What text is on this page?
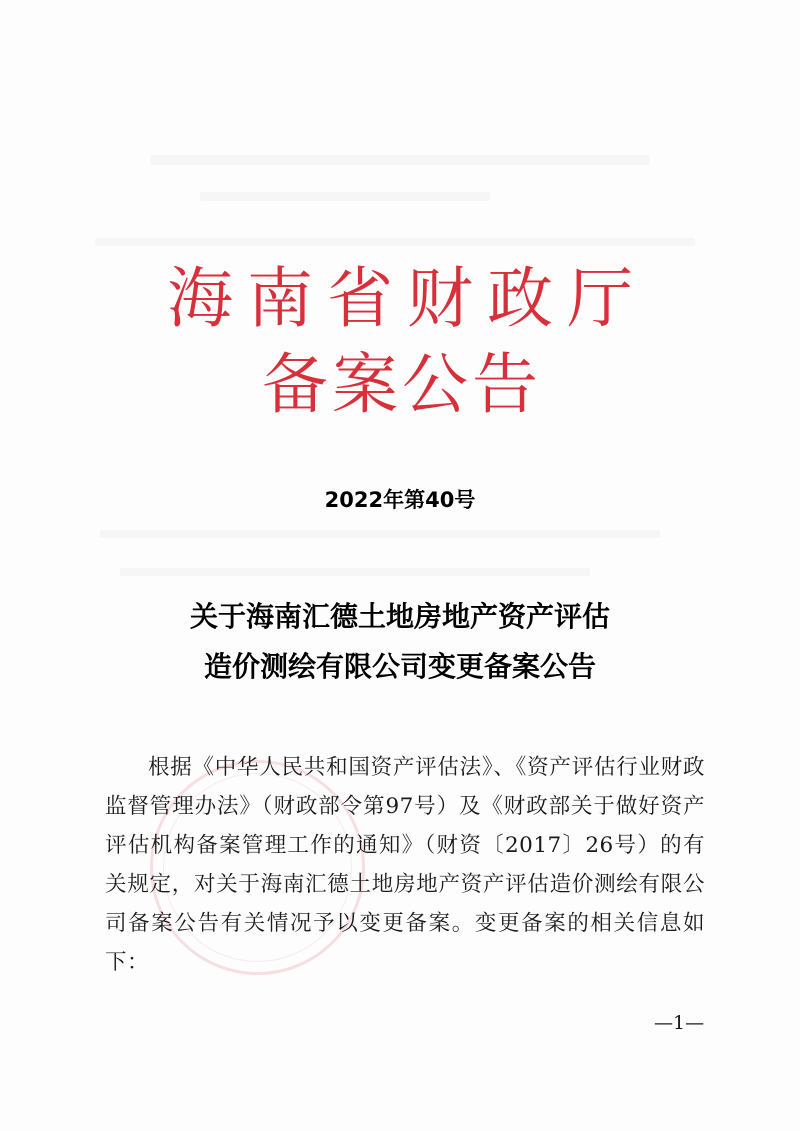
海南省财政厅
备案公告
2022年第40号
关于海南汇德土地房地产资产评估
造价测绘有限公司变更备案公告

根据《中华人民共和国资产评估法》、《资产评估行业财政监督管理办法》（财政部令第97号）及《财政部关于做好资产评估机构备案管理工作的通知》（财资〔2017〕26号）的有关规定，对关于海南汇德土地房地产资产评估造价测绘有限公司备案公告有关情况予以变更备案。变更备案的相关信息如下：

—1—
